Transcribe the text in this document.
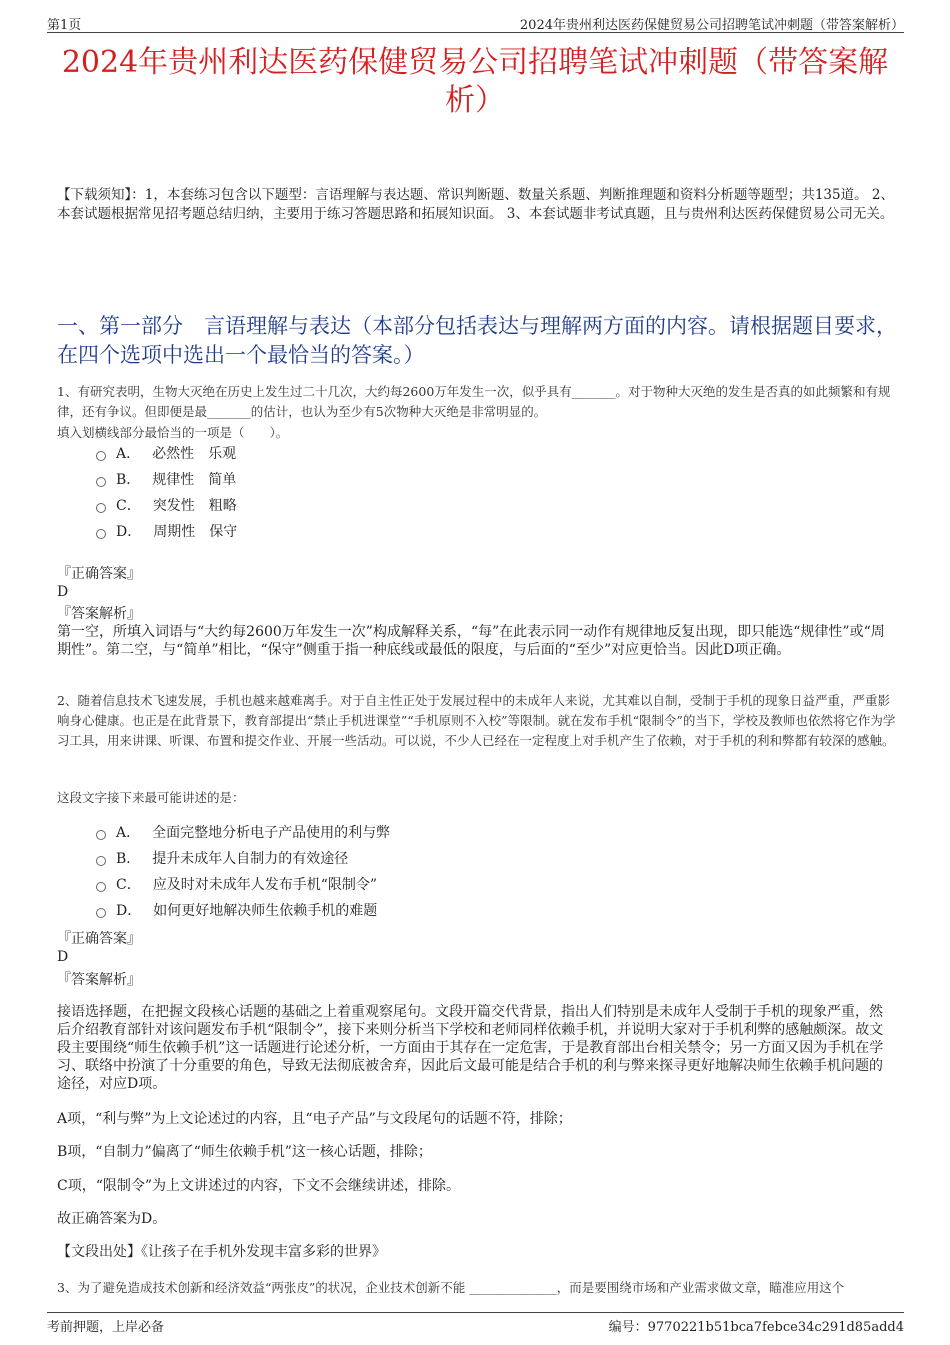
第1页	2024年贵州利达医药保健贸易公司招聘笔试冲刺题（带答案解析）
2024年贵州利达医药保健贸易公司招聘笔试冲刺题（带答案解析）
【下载须知】：1，本套练习包含以下题型：言语理解与表达题、常识判断题、数量关系题、判断推理题和资料分析题等题型；共135道。 2、本套试题根据常见招考题总结归纳，主要用于练习答题思路和拓展知识面。 3、本套试题非考试真题，且与贵州利达医药保健贸易公司无关。
一、第一部分　言语理解与表达（本部分包括表达与理解两方面的内容。请根据题目要求，在四个选项中选出一个最恰当的答案。）
1、有研究表明，生物大灭绝在历史上发生过二十几次，大约每2600万年发生一次，似乎具有_______。对于物种大灭绝的发生是否真的如此频繁和有规律，还有争议。但即便是最_______的估计，也认为至少有5次物种大灭绝是非常明显的。
填入划横线部分最恰当的一项是（　　）。
A． 必然性　乐观
B． 规律性　简单
C． 突发性　粗略
D． 周期性　保守
『正确答案』
D
『答案解析』
第一空，所填入词语与“大约每2600万年发生一次”构成解释关系，“每”在此表示同一动作有规律地反复出现，即只能选“规律性”或“周期性”。第二空，与“简单”相比，“保守”侧重于指一种底线或最低的限度，与后面的“至少”对应更恰当。因此D项正确。
2、随着信息技术飞速发展，手机也越来越难离手。对于自主性正处于发展过程中的未成年人来说，尤其难以自制，受制于手机的现象日益严重，严重影响身心健康。也正是在此背景下，教育部提出“禁止手机进课堂”“手机原则不入校”等限制。就在发布手机“限制令”的当下，学校及教师也依然将它作为学习工具，用来讲课、听课、布置和提交作业、开展一些活动。可以说，不少人已经在一定程度上对手机产生了依赖，对于手机的利和弊都有较深的感触。
这段文字接下来最可能讲述的是：
A． 全面完整地分析电子产品使用的利与弊
B． 提升未成年人自制力的有效途径
C． 应及时对未成年人发布手机“限制令”
D． 如何更好地解决师生依赖手机的难题
『正确答案』
D
『答案解析』
接语选择题，在把握文段核心话题的基础之上着重观察尾句。文段开篇交代背景，指出人们特别是未成年人受制于手机的现象严重，然后介绍教育部针对该问题发布手机“限制令”，接下来则分析当下学校和老师同样依赖手机，并说明大家对于手机利弊的感触颇深。故文段主要围绕“师生依赖手机”这一话题进行论述分析，一方面由于其存在一定危害，于是教育部出台相关禁令；另一方面又因为手机在学习、联络中扮演了十分重要的角色，导致无法彻底被舍弃，因此后文最可能是结合手机的利与弊来探寻更好地解决师生依赖手机问题的途径，对应D项。
A项，“利与弊”为上文论述过的内容，且“电子产品”与文段尾句的话题不符，排除；
B项，“自制力”偏离了“师生依赖手机”这一核心话题，排除；
C项，“限制令”为上文讲述过的内容，下文不会继续讲述，排除。
故正确答案为D。
【文段出处】《让孩子在手机外发现丰富多彩的世界》
3、为了避免造成技术创新和经济效益“两张皮”的状况，企业技术创新不能 ______________，而是要围绕市场和产业需求做文章，瞄准应用这个
考前押题，上岸必备	编号：9770221b51bca7febce34c291d85add4
